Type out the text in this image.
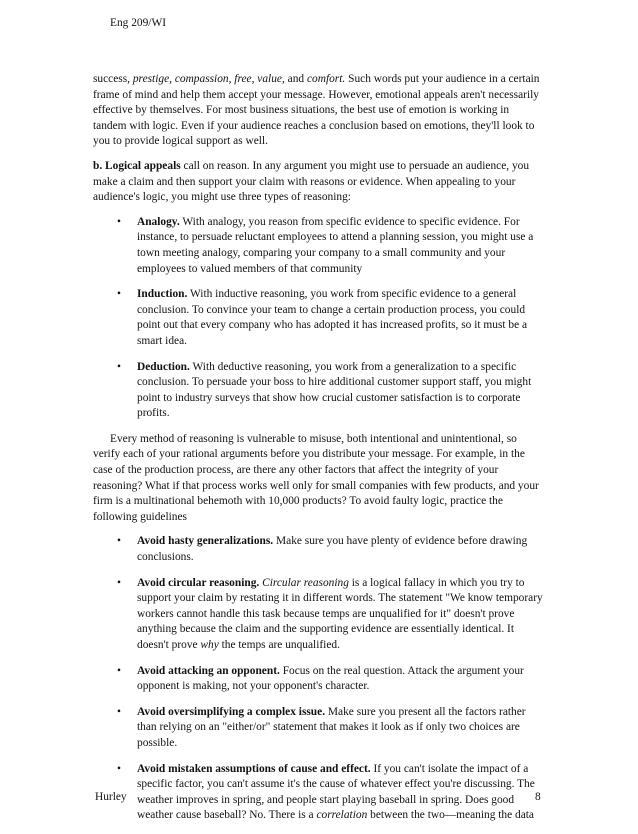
Eng 209/WI

success, prestige, compassion, free, value, and comfort. Such words put your audience in a certain frame of mind and help them accept your message. However, emotional appeals aren't necessarily effective by themselves. For most business situations, the best use of emotion is working in tandem with logic. Even if your audience reaches a conclusion based on emotions, they'll look to you to provide logical support as well.

b. Logical appeals call on reason. In any argument you might use to persuade an audience, you make a claim and then support your claim with reasons or evidence. When appealing to your audience's logic, you might use three types of reasoning:

• Analogy. With analogy, you reason from specific evidence to specific evidence. For instance, to persuade reluctant employees to attend a planning session, you might use a town meeting analogy, comparing your company to a small community and your employees to valued members of that community
• Induction. With inductive reasoning, you work from specific evidence to a general conclusion. To convince your team to change a certain production process, you could point out that every company who has adopted it has increased profits, so it must be a smart idea.
• Deduction. With deductive reasoning, you work from a generalization to a specific conclusion. To persuade your boss to hire additional customer support staff, you might point to industry surveys that show how crucial customer satisfaction is to corporate profits.

Every method of reasoning is vulnerable to misuse, both intentional and unintentional, so verify each of your rational arguments before you distribute your message. For example, in the case of the production process, are there any other factors that affect the integrity of your reasoning? What if that process works well only for small companies with few products, and your firm is a multinational behemoth with 10,000 products? To avoid faulty logic, practice the following guidelines

• Avoid hasty generalizations. Make sure you have plenty of evidence before drawing conclusions.
• Avoid circular reasoning. Circular reasoning is a logical fallacy in which you try to support your claim by restating it in different words. The statement "We know temporary workers cannot handle this task because temps are unqualified for it" doesn't prove anything because the claim and the supporting evidence are essentially identical. It doesn't prove why the temps are unqualified.
• Avoid attacking an opponent. Focus on the real question. Attack the argument your opponent is making, not your opponent's character.
• Avoid oversimplifying a complex issue. Make sure you present all the factors rather than relying on an "either/or" statement that makes it look as if only two choices are possible.
• Avoid mistaken assumptions of cause and effect. If you can't isolate the impact of a specific factor, you can't assume it's the cause of whatever effect you're discussing. The weather improves in spring, and people start playing baseball in spring. Does good weather cause baseball? No. There is a correlation between the two—meaning the data
Hurley	8
